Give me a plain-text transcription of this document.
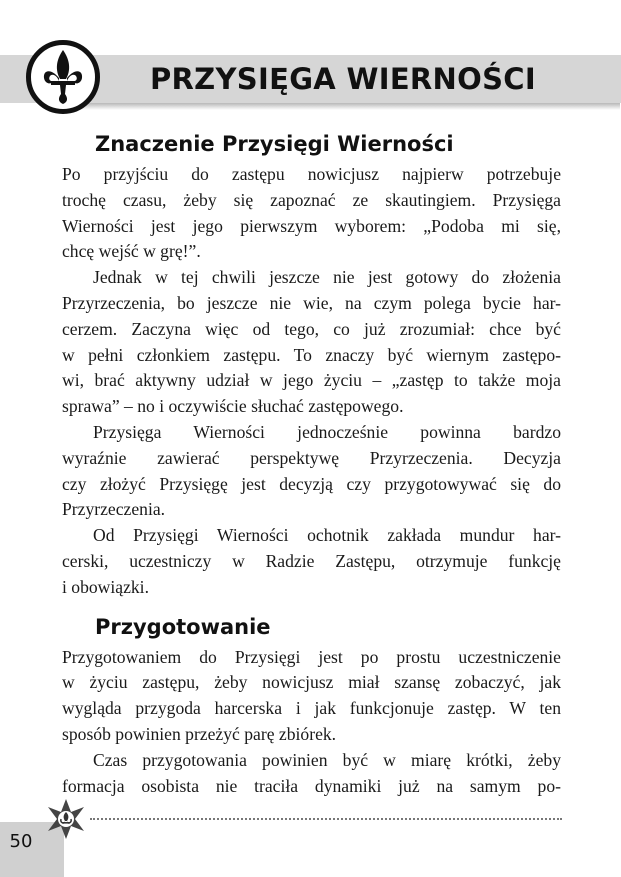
PRZYSIĘGA WIERNOŚCI
Znaczenie Przysięgi Wierności

Po przyjściu do zastępu nowicjusz najpierw potrzebuje

trochę czasu, żeby się zapoznać ze skautingiem. Przysięga

Wierności jest jego pierwszym wyborem: „Podoba mi się,

chcę wejść w grę!”.

Jednak w tej chwili jeszcze nie jest gotowy do złożenia

Przyrzeczenia, bo jeszcze nie wie, na czym polega bycie har-

cerzem. Zaczyna więc od tego, co już zrozumiał: chce być

w pełni członkiem zastępu. To znaczy być wiernym zastępo-

wi, brać aktywny udział w jego życiu – „zastęp to także moja

sprawa” – no i oczywiście słuchać zastępowego.

Przysięga Wierności jednocześnie powinna bardzo

wyraźnie zawierać perspektywę Przyrzeczenia. Decyzja

czy złożyć Przysięgę jest decyzją czy przygotowywać się do

Przyrzeczenia.

Od Przysięgi Wierności ochotnik zakłada mundur har-

cerski, uczestniczy w Radzie Zastępu, otrzymuje funkcję

i obowiązki.

Przygotowanie

Przygotowaniem do Przysięgi jest po prostu uczestniczenie

w życiu zastępu, żeby nowicjusz miał szansę zobaczyć, jak

wygląda przygoda harcerska i jak funkcjonuje zastęp. W ten

sposób powinien przeżyć parę zbiórek.

Czas przygotowania powinien być w miarę krótki, żeby

formacja osobista nie traciła dynamiki już na samym po-

50
